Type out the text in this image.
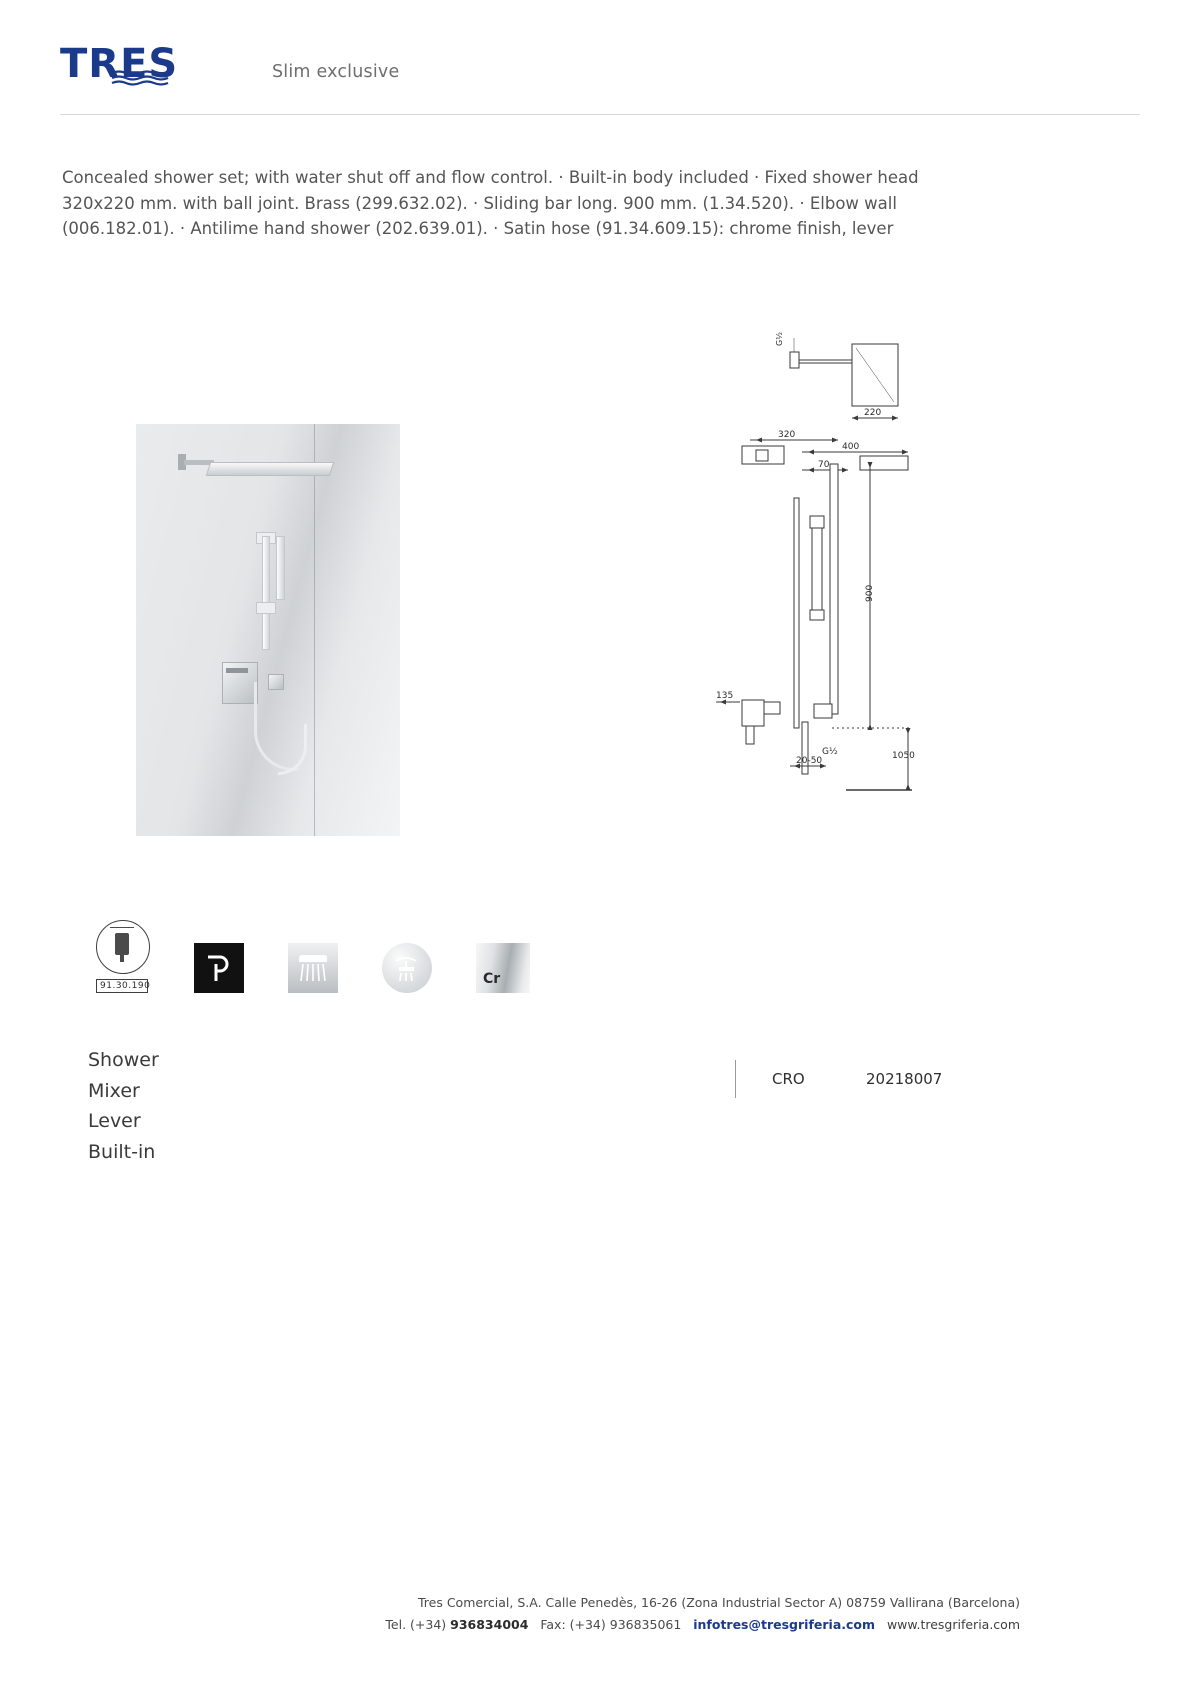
TRES	Slim exclusive
Concealed shower set; with water shut off and flow control. · Built-in body included · Fixed shower head 320x220 mm. with ball joint. Brass (299.632.02). · Sliding bar long. 900 mm. (1.34.520). · Elbow wall (006.182.01). · Antilime hand shower (202.639.01). · Satin hose (91.34.609.15): chrome finish, lever
G½
220
320
400
70
900
135
G½
20-50	1050
91.30.190	Cr
Shower
Mixer
Lever
Built-in
CRO	20218007
Tres Comercial, S.A. Calle Penedès, 16-26 (Zona Industrial Sector A) 08759 Vallirana (Barcelona)
Tel. (+34) 936834004 Fax: (+34) 936835061 infotres@tresgriferia.com www.tresgriferia.com
